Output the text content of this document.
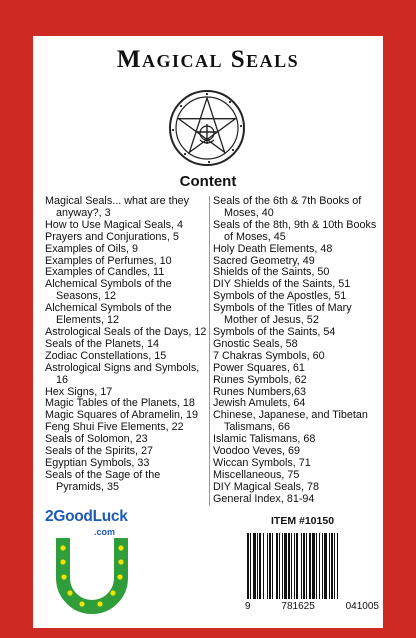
Magical Seals
Content
Magical Seals... what are they anyway?, 3
How to Use Magical Seals, 4
Prayers and Conjurations, 5
Examples of Oils, 9
Examples of Perfumes, 10
Examples of Candles, 11
Alchemical Symbols of the Seasons, 12
Alchemical Symbols of the Elements, 12
Astrological Seals of the Days, 12
Seals of the Planets, 14
Zodiac Constellations, 15
Astrological Signs and Symbols, 16
Hex Signs, 17
Magic Tables of the Planets, 18
Magic Squares of Abramelin, 19
Feng Shui Five Elements, 22
Seals of Solomon, 23
Seals of the Spirits, 27
Egyptian Symbols, 33
Seals of the Sage of the Pyramids, 35
Seals of the 6th & 7th Books of Moses, 40
Seals of the 8th, 9th & 10th Books of Moses, 45
Holy Death Elements, 48
Sacred Geometry, 49
Shields of the Saints, 50
DIY Shields of the Saints, 51
Symbols of the Apostles, 51
Symbols of the Titles of Mary Mother of Jesus, 52
Symbols of the Saints, 54
Gnostic Seals, 58
7 Chakras Symbols, 60
Power Squares, 61
Runes Symbols, 62
Runes Numbers,63
Jewish Amulets, 64
Chinese, Japanese, and Tibetan Talismans, 66
Islamic Talismans, 68
Voodoo Veves, 69
Wiccan Symbols, 71
Miscellaneous, 75
DIY Magical Seals, 78
General Index, 81-94
2GoodLuck
.com
ITEM #10150
9	781625	041005
